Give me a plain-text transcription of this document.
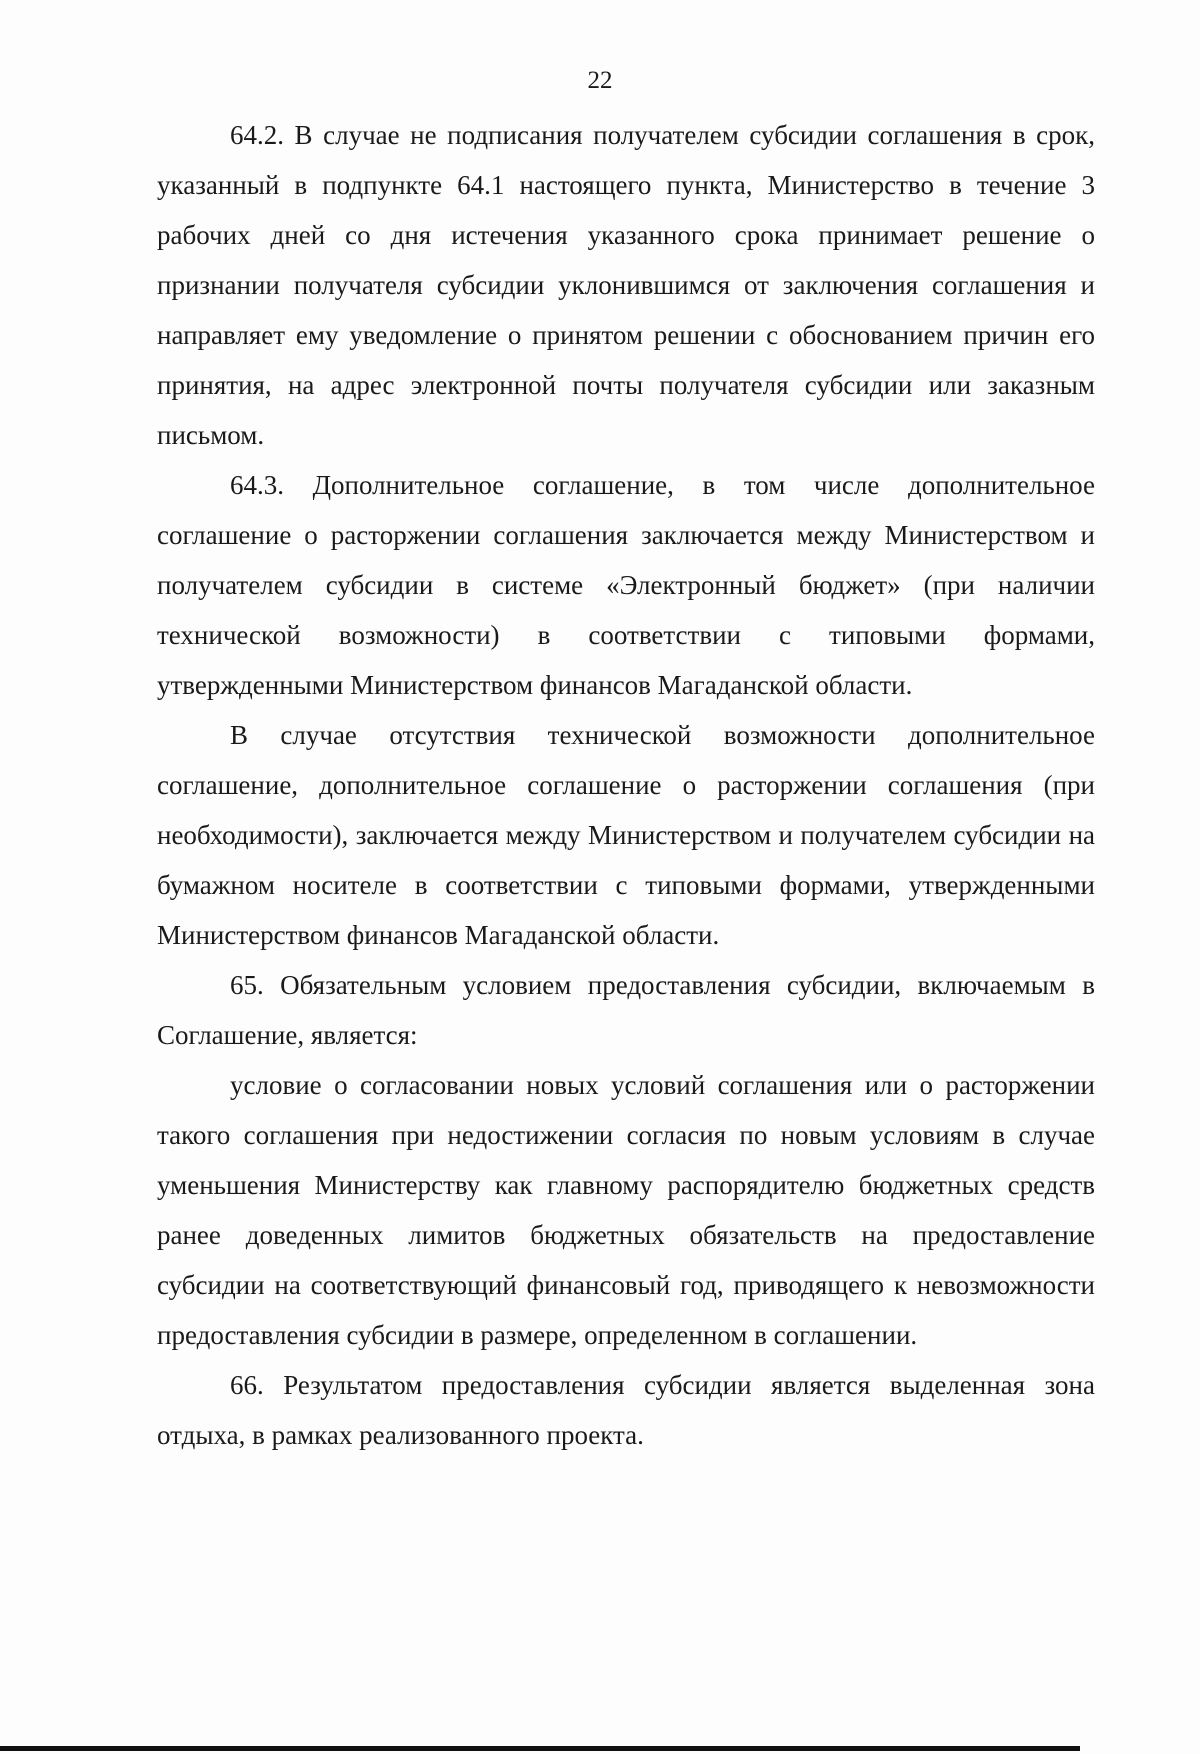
22

64.2. В случае не подписания получателем субсидии соглашения в срок, указанный в подпункте 64.1 настоящего пункта, Министерство в течение 3 рабочих дней со дня истечения указанного срока принимает решение о признании получателя субсидии уклонившимся от заключения соглашения и направляет ему уведомление о принятом решении с обоснованием причин его принятия, на адрес электронной почты получателя субсидии или заказным письмом.

64.3. Дополнительное соглашение, в том числе дополнительное соглашение о расторжении соглашения заключается между Министерством и получателем субсидии в системе «Электронный бюджет» (при наличии технической возможности) в соответствии с типовыми формами, утвержденными Министерством финансов Магаданской области.

В случае отсутствия технической возможности дополнительное соглашение, дополнительное соглашение о расторжении соглашения (при необходимости), заключается между Министерством и получателем субсидии на бумажном носителе в соответствии с типовыми формами, утвержденными Министерством финансов Магаданской области.

65. Обязательным условием предоставления субсидии, включаемым в Соглашение, является:

условие о согласовании новых условий соглашения или о расторжении такого соглашения при недостижении согласия по новым условиям в случае уменьшения Министерству как главному распорядителю бюджетных средств ранее доведенных лимитов бюджетных обязательств на предоставление субсидии на соответствующий финансовый год, приводящего к невозможности предоставления субсидии в размере, определенном в соглашении.

66. Результатом предоставления субсидии является выделенная зона отдыха, в рамках реализованного проекта.
